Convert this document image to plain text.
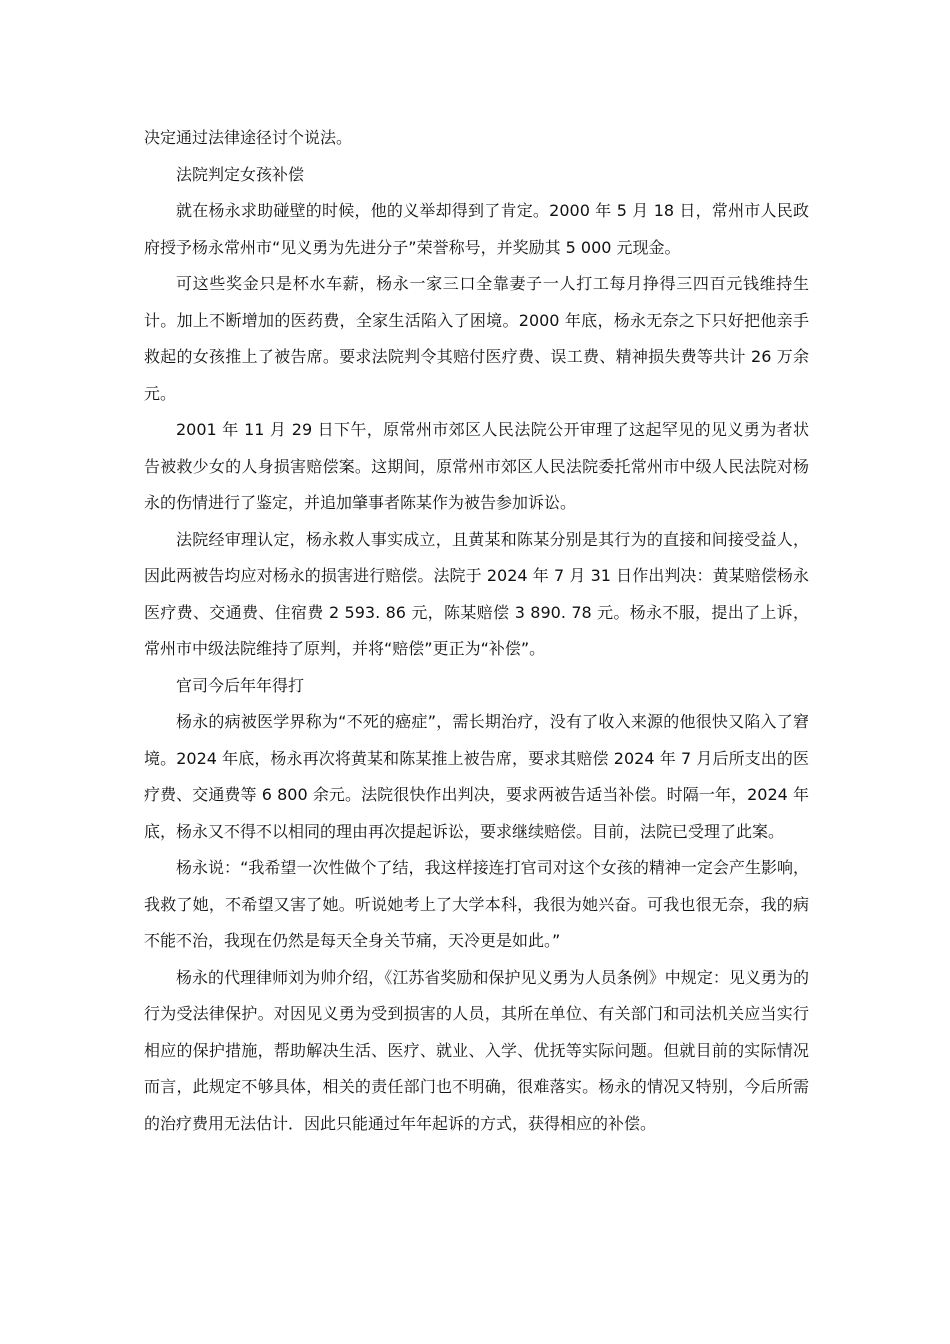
决定通过法律途径讨个说法。

法院判定女孩补偿

就在杨永求助碰壁的时候，他的义举却得到了肯定。2000 年 5 月 18 日，常州市人民政府授予杨永常州市“见义勇为先进分子”荣誉称号，并奖励其 5 000 元现金。

可这些奖金只是杯水车薪，杨永一家三口全靠妻子一人打工每月挣得三四百元钱维持生计。加上不断增加的医药费，全家生活陷入了困境。2000 年底，杨永无奈之下只好把他亲手救起的女孩推上了被告席。要求法院判令其赔付医疗费、误工费、精神损失费等共计 26 万余元。

2001 年 11 月 29 日下午，原常州市郊区人民法院公开审理了这起罕见的见义勇为者状告被救少女的人身损害赔偿案。这期间，原常州市郊区人民法院委托常州市中级人民法院对杨永的伤情进行了鉴定，并追加肇事者陈某作为被告参加诉讼。

法院经审理认定，杨永救人事实成立，且黄某和陈某分别是其行为的直接和间接受益人，因此两被告均应对杨永的损害进行赔偿。法院于 2024 年 7 月 31 日作出判决：黄某赔偿杨永医疗费、交通费、住宿费 2 593. 86 元，陈某赔偿 3 890. 78 元。杨永不服，提出了上诉，常州市中级法院维持了原判，并将“赔偿”更正为“补偿”。

官司今后年年得打

杨永的病被医学界称为“不死的癌症”，需长期治疗，没有了收入来源的他很快又陷入了窘境。2024 年底，杨永再次将黄某和陈某推上被告席，要求其赔偿 2024 年 7 月后所支出的医疗费、交通费等 6 800 余元。法院很快作出判决，要求两被告适当补偿。时隔一年，2024 年底，杨永又不得不以相同的理由再次提起诉讼，要求继续赔偿。目前，法院已受理了此案。

杨永说：“我希望一次性做个了结，我这样接连打官司对这个女孩的精神一定会产生影响，我救了她，不希望又害了她。听说她考上了大学本科，我很为她兴奋。可我也很无奈，我的病不能不治，我现在仍然是每天全身关节痛，天冷更是如此。”

杨永的代理律师刘为帅介绍，《江苏省奖励和保护见义勇为人员条例》中规定：见义勇为的行为受法律保护。对因见义勇为受到损害的人员，其所在单位、有关部门和司法机关应当实行相应的保护措施，帮助解决生活、医疗、就业、入学、优抚等实际问题。但就目前的实际情况而言，此规定不够具体，相关的责任部门也不明确，很难落实。杨永的情况又特别，今后所需的治疗费用无法估计．因此只能通过年年起诉的方式，获得相应的补偿。
